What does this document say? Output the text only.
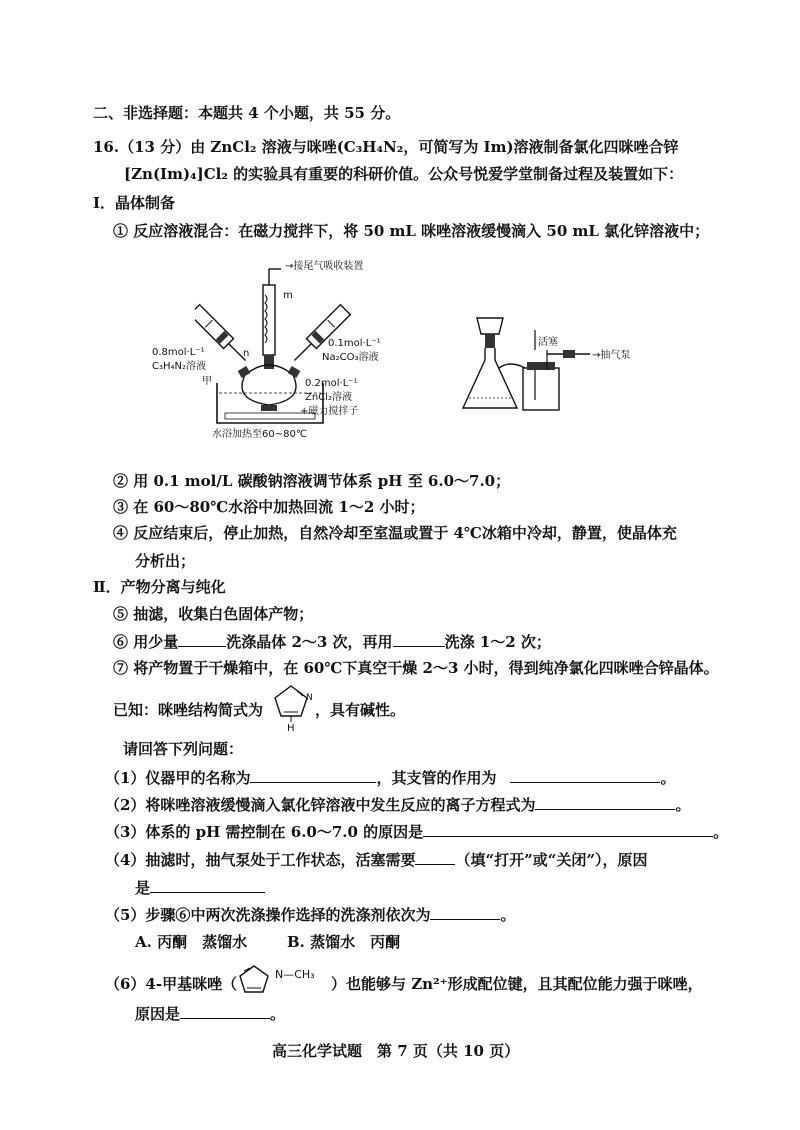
二、非选择题：本题共 4 个小题，共 55 分。
16.（13 分）由 ZnCl₂ 溶液与咪唑(C₃H₄N₂，可简写为 Im)溶液制备氯化四咪唑合锌
[Zn(Im)₄]Cl₂ 的实验具有重要的科研价值。公众号悦爱学堂制备过程及装置如下：
Ⅰ．晶体制备
① 反应溶液混合：在磁力搅拌下，将 50 mL 咪唑溶液缓慢滴入 50 mL 氯化锌溶液中；
→接尾气吸收装置
m
n
0.8mol·L⁻¹
C₃H₄N₂溶液
甲
0.1mol·L⁻¹
Na₂CO₃溶液
0.2mol·L⁻¹
ZnCl₂溶液
+磁力搅拌子
水浴加热至60~80℃
活塞
→抽气泵
② 用 0.1 mol/L 碳酸钠溶液调节体系 pH 至 6.0～7.0；
③ 在 60～80℃水浴中加热回流 1～2 小时；
④ 反应结束后，停止加热，自然冷却至室温或置于 4℃冰箱中冷却，静置，使晶体充
分析出；
Ⅱ．产物分离与纯化
⑤ 抽滤，收集白色固体产物；
⑥ 用少量	洗涤晶体 2～3 次，再用	洗涤 1～2 次；
⑦ 将产物置于干燥箱中，在 60℃下真空干燥 2～3 小时，得到纯净氯化四咪唑合锌晶体。
已知：咪唑结构简式为
N
H
，具有碱性。
请回答下列问题：
（1）仪器甲的名称为	，其支管的作用为	。
（2）将咪唑溶液缓慢滴入氯化锌溶液中发生反应的离子方程式为	。
（3）体系的 pH 需控制在 6.0～7.0 的原因是	。
（4）抽滤时，抽气泵处于工作状态，活塞需要	（填“打开”或“关闭”），原因
是
（5）步骤⑥中两次洗涤操作选择的洗涤剂依次为	。
A. 丙酮　蒸馏水	B. 蒸馏水　丙酮
（6）4-甲基咪唑（
N—CH₃
）也能够与 Zn²⁺形成配位键，且其配位能力强于咪唑，
原因是	。
高三化学试题　第 7 页（共 10 页）
